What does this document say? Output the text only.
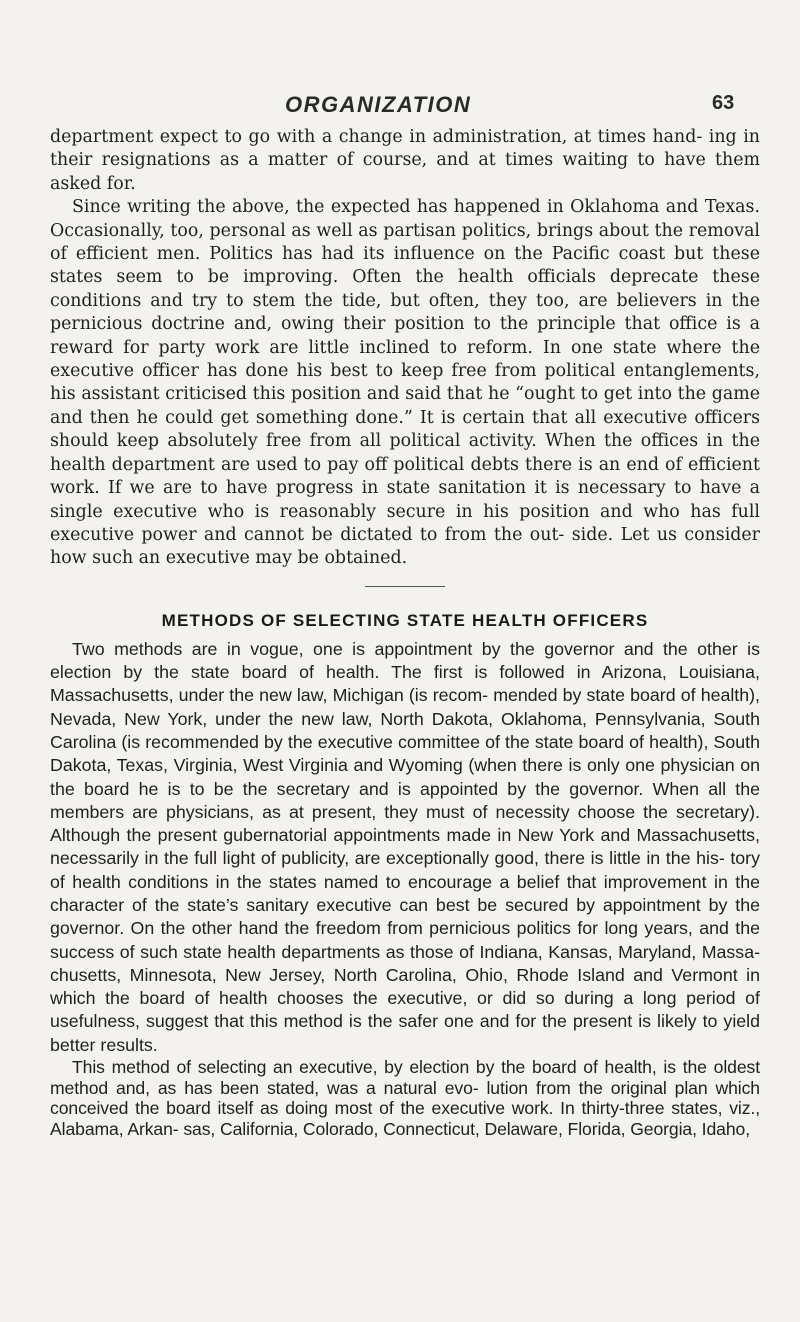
ORGANIZATION	63

department expect to go with a change in administration, at times hand- ing in their resignations as a matter of course, and at times waiting to have them asked for.

Since writing the above, the expected has happened in Oklahoma and Texas. Occasionally, too, personal as well as partisan politics, brings about the removal of efficient men. Politics has had its influence on the Pacific coast but these states seem to be improving. Often the health officials deprecate these conditions and try to stem the tide, but often, they too, are believers in the pernicious doctrine and, owing their position to the principle that office is a reward for party work are little inclined to reform. In one state where the executive officer has done his best to keep free from political entanglements, his assistant criticised this position and said that he “ought to get into the game and then he could get something done.” It is certain that all executive officers should keep absolutely free from all political activity. When the offices in the health department are used to pay off political debts there is an end of efficient work. If we are to have progress in state sanitation it is necessary to have a single executive who is reasonably secure in his position and who has full executive power and cannot be dictated to from the out- side. Let us consider how such an executive may be obtained.

METHODS OF SELECTING STATE HEALTH OFFICERS

Two methods are in vogue, one is appointment by the governor and the other is election by the state board of health. The first is followed in Arizona, Louisiana, Massachusetts, under the new law, Michigan (is recom- mended by state board of health), Nevada, New York, under the new law, North Dakota, Oklahoma, Pennsylvania, South Carolina (is recommended by the executive committee of the state board of health), South Dakota, Texas, Virginia, West Virginia and Wyoming (when there is only one physician on the board he is to be the secretary and is appointed by the governor. When all the members are physicians, as at present, they must of necessity choose the secretary). Although the present gubernatorial appointments made in New York and Massachusetts, necessarily in the full light of publicity, are exceptionally good, there is little in the his- tory of health conditions in the states named to encourage a belief that improvement in the character of the state’s sanitary executive can best be secured by appointment by the governor. On the other hand the freedom from pernicious politics for long years, and the success of such state health departments as those of Indiana, Kansas, Maryland, Massa- chusetts, Minnesota, New Jersey, North Carolina, Ohio, Rhode Island and Vermont in which the board of health chooses the executive, or did so during a long period of usefulness, suggest that this method is the safer one and for the present is likely to yield better results.

This method of selecting an executive, by election by the board of health, is the oldest method and, as has been stated, was a natural evo- lution from the original plan which conceived the board itself as doing most of the executive work. In thirty-three states, viz., Alabama, Arkan- sas, California, Colorado, Connecticut, Delaware, Florida, Georgia, Idaho,
